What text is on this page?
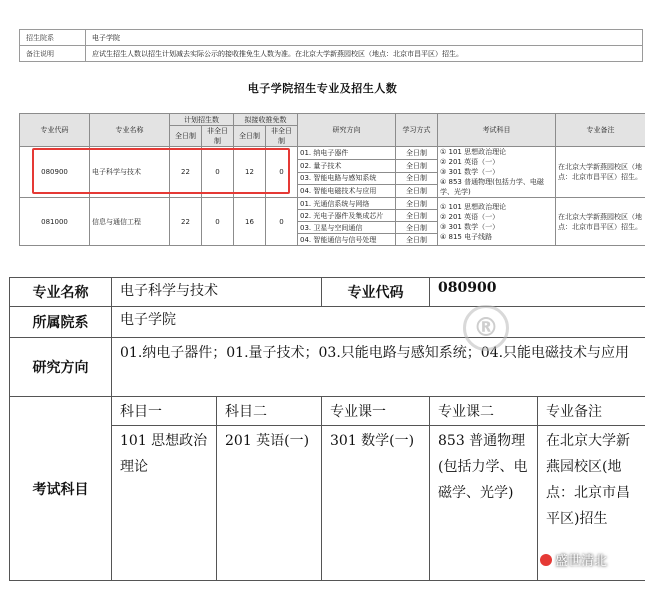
招生院系	电子学院
备注说明	应试生招生人数以招生计划减去实际公示的接收推免生人数为准。在北京大学新燕园校区（地点：北京市昌平区）招生。
电子学院招生专业及招生人数
专业代码	专业名称	计划招生数		拟接收推免数		研究方向	学习方式	考试科目	专业备注
		全日制	非全日制	全日制	非全日制				
080900	电子科学与技术	22	0	12	0	01. 纳电子器件	全日制	① 101 思想政治理论
② 201 英语（一）
③ 301 数学（一）
④ 853 普通物理(包括力学、电磁学、光学)	在北京大学新燕园校区（地点：北京市昌平区）招生。
						02. 量子技术	全日制		
						03. 智能电路与感知系统	全日制		
						04. 智能电磁技术与应用	全日制		
081000	信息与通信工程	22	0	16	0	01. 光通信系统与网络	全日制	① 101 思想政治理论
② 201 英语（一）
③ 301 数学（一）
④ 815 电子线路	在北京大学新燕园校区（地点：北京市昌平区）招生。
						02. 光电子器件及集成芯片	全日制		
						03. 卫星与空间通信	全日制		
						04. 智能通信与信号处理	全日制		
专业名称	电子科学与技术		专业代码	080900	
所属院系	电子学院				
研究方向	01.纳电子器件；01.量子技术；03.只能电路与感知系统；04.只能电磁技术与应用				
考试科目	科目一	科目二	专业课一	专业课二	专业备注
	101 思想政治理论	201 英语(一)	301 数学(一)	853 普通物理(包括力学、电磁学、光学)	在北京大学新燕园校区(地点：北京市昌平区)招生
®
盛世清北
